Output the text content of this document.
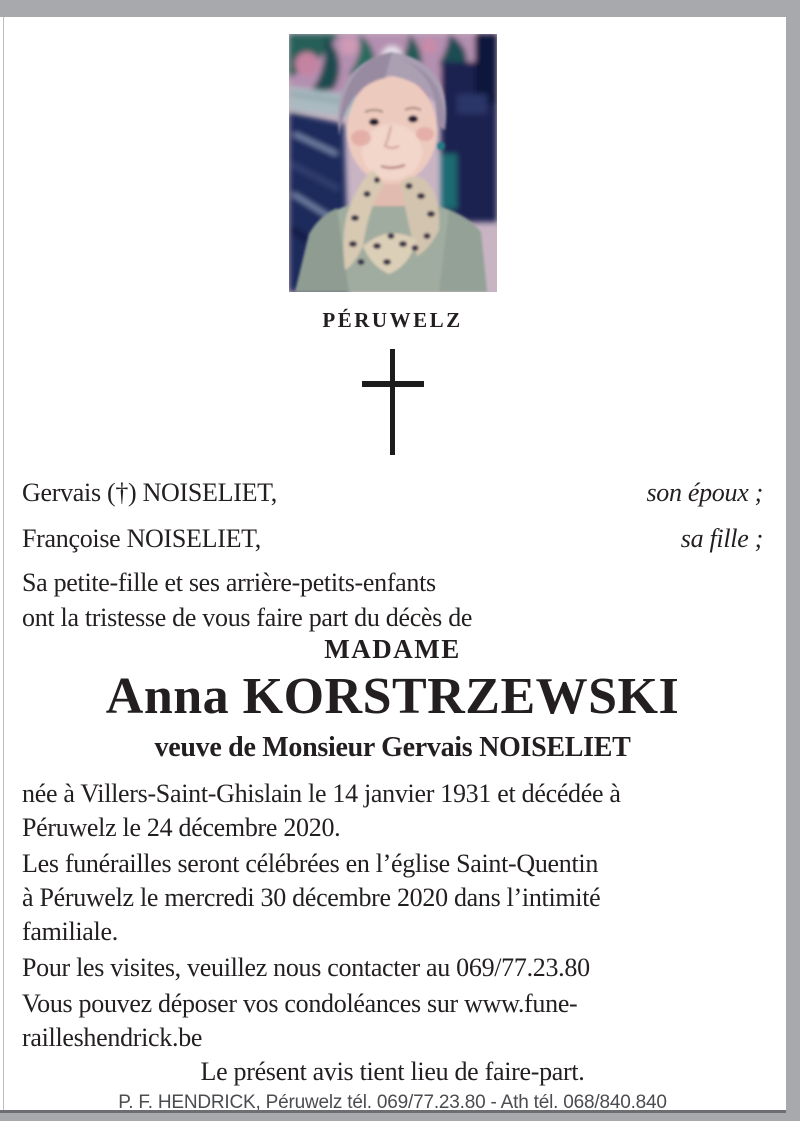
PÉRUWELZ
Gervais (†) NOISELIET,	son époux ;
Françoise NOISELIET,	sa fille ;
Sa petite-fille et ses arrière-petits-enfants
ont la tristesse de vous faire part du décès de
MADAME
Anna KORSTRZEWSKI
veuve de Monsieur Gervais NOISELIET
née à Villers-Saint-Ghislain le 14 janvier 1931 et décédée à
Péruwelz le 24 décembre 2020.
Les funérailles seront célébrées en l’église Saint-Quentin
à Péruwelz le mercredi 30 décembre 2020 dans l’intimité
familiale.
Pour les visites, veuillez nous contacter au 069/77.23.80
Vous pouvez déposer vos condoléances sur www.fune-
railleshendrick.be
Le présent avis tient lieu de faire-part.
P. F. HENDRICK, Péruwelz tél. 069/77.23.80 - Ath tél. 068/840.840
